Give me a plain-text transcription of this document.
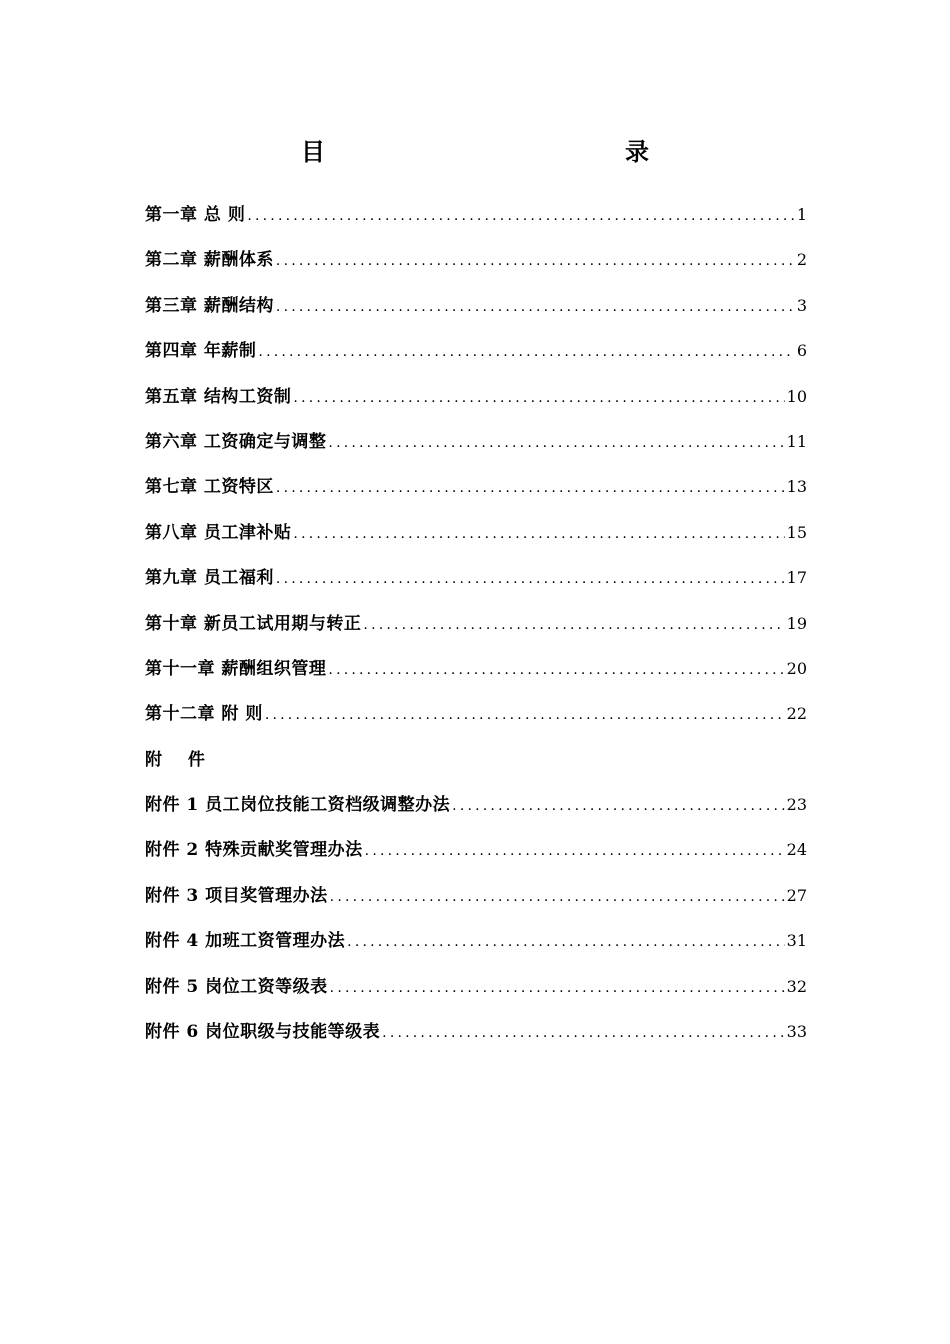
目　　录
第一章 总 则 .....	1
第二章 薪酬体系 .....	2
第三章 薪酬结构 .....	3
第四章 年薪制 .....	6
第五章 结构工资制 .....	10
第六章 工资确定与调整 .....	11
第七章 工资特区 .....	13
第八章 员工津补贴 .....	15
第九章 员工福利 .....	17
第十章 新员工试用期与转正 .....	19
第十一章 薪酬组织管理 .....	20
第十二章 附 则 .....	22
附 件
附件 1 员工岗位技能工资档级调整办法 .....	23
附件 2 特殊贡献奖管理办法 .....	24
附件 3 项目奖管理办法 .....	27
附件 4 加班工资管理办法 .....	31
附件 5 岗位工资等级表 .....	32
附件 6 岗位职级与技能等级表 .....	33
